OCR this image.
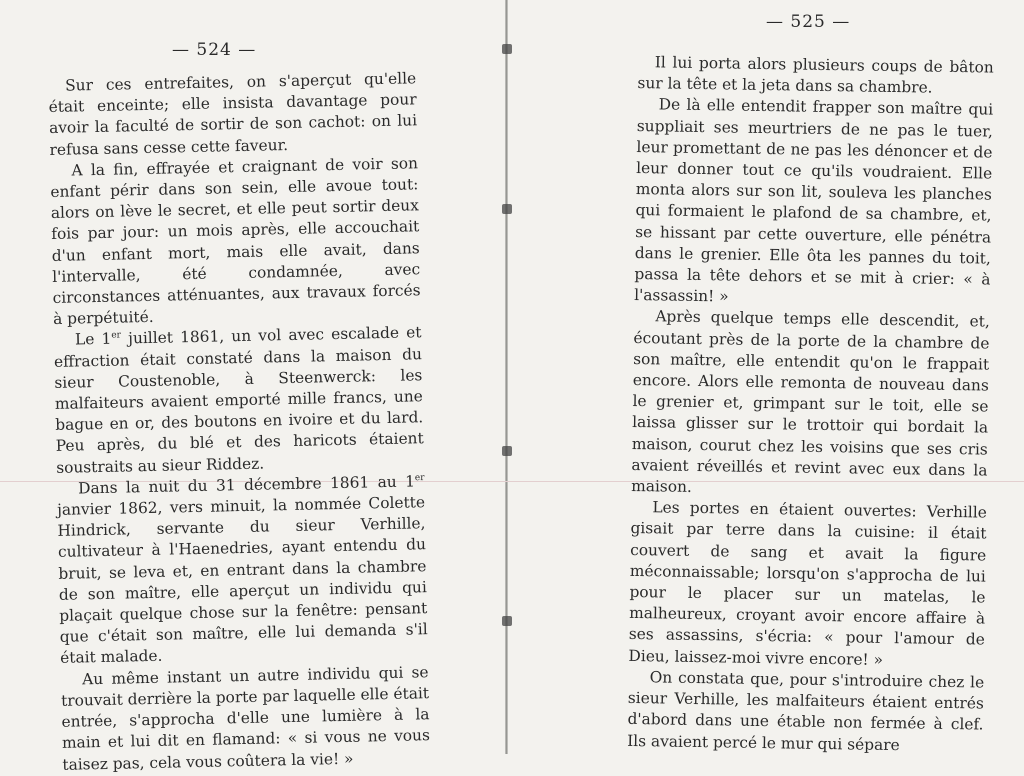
— 524 —

Sur ces entrefaites, on s'aperçut qu'elle était enceinte; elle insista davantage pour avoir la faculté de sortir de son cachot: on lui refusa sans cesse cette faveur.

A la fin, effrayée et craignant de voir son enfant périr dans son sein, elle avoue tout: alors on lève le secret, et elle peut sortir deux fois par jour: un mois après, elle accouchait d'un enfant mort, mais elle avait, dans l'intervalle, été condamnée, avec circonstances atténuantes, aux travaux forcés à perpétuité.

Le 1er juillet 1861, un vol avec escalade et effraction était constaté dans la maison du sieur Coustenoble, à Steenwerck: les malfaiteurs avaient emporté mille francs, une bague en or, des boutons en ivoire et du lard. Peu après, du blé et des haricots étaient soustraits au sieur Riddez.

Dans la nuit du 31 décembre 1861 au 1er janvier 1862, vers minuit, la nommée Colette Hindrick, servante du sieur Verhille, cultivateur à l'Haenedries, ayant entendu du bruit, se leva et, en entrant dans la chambre de son maître, elle aperçut un individu qui plaçait quelque chose sur la fenêtre: pensant que c'était son maître, elle lui demanda s'il était malade.

Au même instant un autre individu qui se trouvait derrière la porte par laquelle elle était entrée, s'approcha d'elle une lumière à la main et lui dit en flamand: « si vous ne vous taisez pas, cela vous coûtera la vie! »

— 525 —

Il lui porta alors plusieurs coups de bâton sur la tête et la jeta dans sa chambre.

De là elle entendit frapper son maître qui suppliait ses meurtriers de ne pas le tuer, leur promettant de ne pas les dénoncer et de leur donner tout ce qu'ils voudraient. Elle monta alors sur son lit, souleva les planches qui formaient le plafond de sa chambre, et, se hissant par cette ouverture, elle pénétra dans le grenier. Elle ôta les pannes du toit, passa la tête dehors et se mit à crier: « à l'assassin! »

Après quelque temps elle descendit, et, écoutant près de la porte de la chambre de son maître, elle entendit qu'on le frappait encore. Alors elle remonta de nouveau dans le grenier et, grimpant sur le toit, elle se laissa glisser sur le trottoir qui bordait la maison, courut chez les voisins que ses cris avaient réveillés et revint avec eux dans la maison.

Les portes en étaient ouvertes: Verhille gisait par terre dans la cuisine: il était couvert de sang et avait la figure méconnaissable; lorsqu'on s'approcha de lui pour le placer sur un matelas, le malheureux, croyant avoir encore affaire à ses assassins, s'écria: « pour l'amour de Dieu, laissez-moi vivre encore! »

On constata que, pour s'introduire chez le sieur Verhille, les malfaiteurs étaient entrés d'abord dans une étable non fermée à clef. Ils avaient percé le mur qui sépare
